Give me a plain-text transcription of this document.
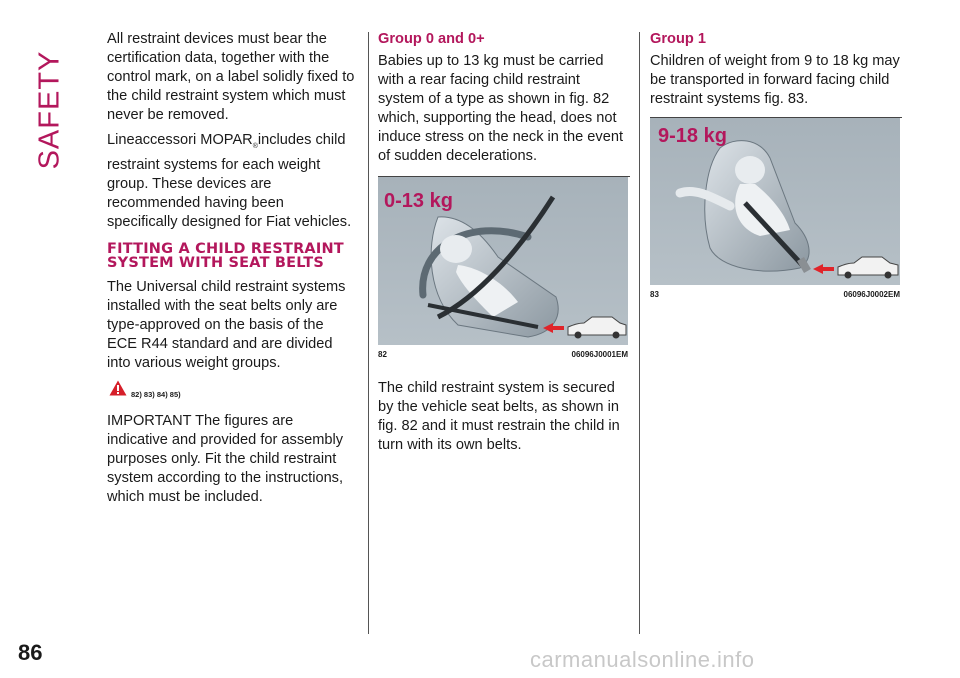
SAFETY
86	carmanualsonline.info

All restraint devices must bear the certification data, together with the control mark, on a label solidly fixed to the child restraint system which must never be removed.

Lineaccessori $MOPAR_®includes$ child restraint systems for each weight group. These devices are recommended having been specifically designed for Fiat vehicles.

FITTING A CHILD RESTRAINT SYSTEM WITH SEAT BELTS

The Universal child restraint systems installed with the seat belts only are type-approved on the basis of the ECE R44 standard and are divided into various weight groups.

82) 83) 84) 85)

IMPORTANT The figures are indicative and provided for assembly purposes only. Fit the child restraint system according to the instructions, which must be included.

Group 0 and 0+

Babies up to 13 kg must be carried with a rear facing child restraint system of a type as shown in fig. 82 which, supporting the head, does not induce stress on the neck in the event of sudden decelerations.

0-13 kg
82	06096J0001EM

The child restraint system is secured by the vehicle seat belts, as shown in fig. 82 and it must restrain the child in turn with its own belts.

Group 1

Children of weight from 9 to 18 kg may be transported in forward facing child restraint systems fig. 83.

9-18 kg
83	06096J0002EM
